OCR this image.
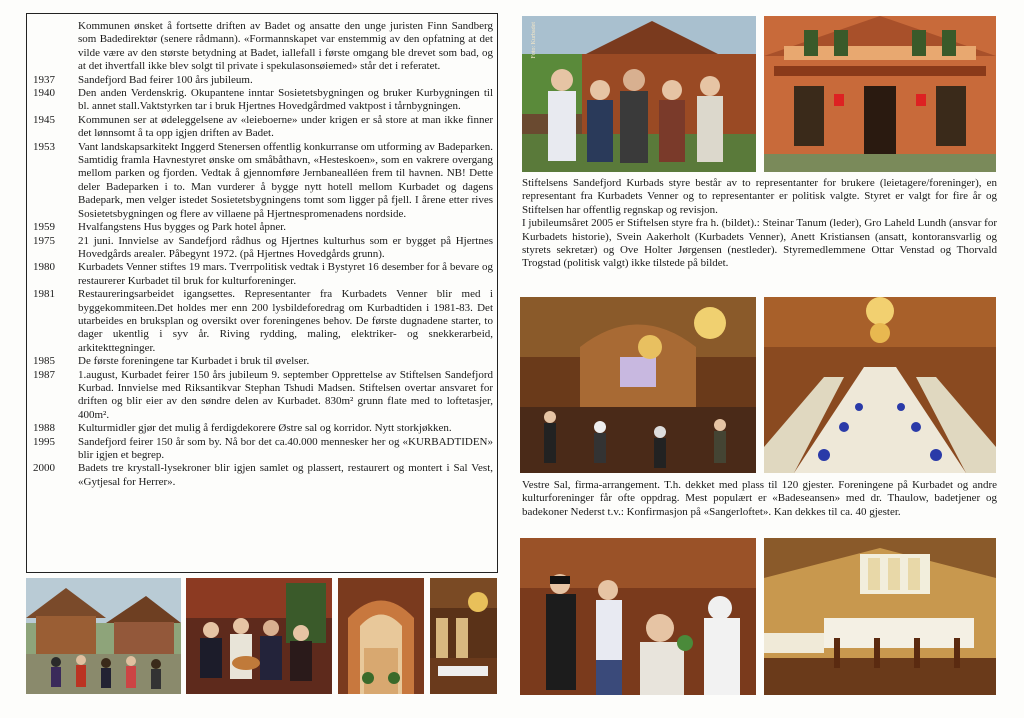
Kommunen ønsket å fortsette driften av Badet og ansatte den unge juristen Finn Sandberg som Badedirektør (senere rådmann). «Formannskapet var enstemmig av den opfatning at det vilde være av den største betydning at Badet, iallefall i første omgang ble drevet som bad, og at det ihvertfall ikke blev solgt til private i spekulasonsøiemed» står det i referatet.
1937	Sandefjord Bad feirer 100 års jubileum.
1940	Den anden Verdenskrig. Okupantene inntar Sosietetsbygningen og bruker Kurbygningen til bl. annet stall.Vaktstyrken tar i bruk Hjertnes Hovedgårdmed vaktpost i tårnbygningen.
1945	Kommunen ser at ødeleggelsene av «leieboerne» under krigen er så store at man ikke finner det lønnsomt å ta opp igjen driften av Badet.
1953	Vant landskapsarkitekt Inggerd Stenersen offentlig konkurranse om utforming av Badeparken. Samtidig framla Havnestyret ønske om småbåthavn, «Hesteskoen», som en vakrere overgang mellom parken og fjorden. Vedtak å gjennomføre Jernbanealléen frem til havnen. NB! Dette deler Badeparken i to. Man vurderer å bygge nytt hotell mellom Kurbadet og dagens Badepark, men velger istedet Sosietetsbygningens tomt som ligger på fjell. I årene etter rives Sosietetsbygningen og flere av villaene på Hjertnespromenadens nordside.
1959	Hvalfangstens Hus bygges og Park hotel åpner.
1975	21 juni. Innvielse av Sandefjord rådhus og Hjertnes kulturhus som er bygget på Hjertnes Hovedgårds arealer. Påbegynt 1972. (på Hjertnes Hovedgårds grunn).
1980	Kurbadets Venner stiftes 19 mars. Tverrpolitisk vedtak i Bystyret 16 desember for å bevare og restaurerer Kurbadet til bruk for kulturforeninger.
1981	Restaureringsarbeidet igangsettes. Representanter fra Kurbadets Venner blir med i byggekommiteen.Det holdes mer enn 200 lysbildeforedrag om Kurbadtiden i 1981-83. Det utarbeides en bruksplan og oversikt over foreningenes behov. De første dugnadene starter, to dager ukentlig i syv år. Riving rydding, maling, elektriker- og snekkerarbeid, arkitekttegninger.
1985	De første foreningene tar Kurbadet i bruk til øvelser.
1987	1.august, Kurbadet feirer 150 års jubileum 9. september Opprettelse av Stiftelsen Sandefjord Kurbad. Innvielse med Riksantikvar Stephan Tshudi Madsen. Stiftelsen overtar ansvaret for driften og blir eier av den søndre delen av Kurbadet. 830m² grunn flate med to loftetasjer, 400m².
1988	Kulturmidler gjør det mulig å ferdigdekorere Østre sal og korridor. Nytt storkjøkken.
1995	Sandefjord feirer 150 år som by. Nå bor det ca.40.000 mennesker her og «KURBADTIDEN» blir igjen et begrep.
2000	Badets tre krystall-lysekroner blir igjen samlet og plassert, restaurert og montert i Sal Vest, «Gytjesal for Herrer».
Foto: Kurbadet

Stiftelsens Sandefjord Kurbads styre består av to representanter for brukere (leietagere/foreninger), en representant fra Kurbadets Venner og to representanter er politisk valgte. Styret er valgt for fire år og Stiftelsen har offentlig regnskap og revisjon.

I jubileumsåret 2005 er Stiftelsen styre fra h. (bildet).: Steinar Tanum (leder), Gro Laheld Lundh (ansvar for Kurbadets historie), Svein Aakerholt (Kurbadets Venner), Anett Kristiansen (ansatt, kontoransvarlig og styrets sekretær) og Ove Holter Jørgensen (nestleder). Styremedlemmene Ottar Venstad og Thorvald Trogstad (politisk valgt) ikke tilstede på bildet.

Vestre Sal, firma-arrangement. T.h. dekket med plass til 120 gjester. Foreningene på Kurbadet og andre kulturforeninger får ofte oppdrag. Mest populært er «Badeseansen» med dr. Thaulow, badetjener og badekoner Nederst t.v.: Konfirmasjon på «Sangerloftet». Kan dekkes til ca. 40 gjester.
